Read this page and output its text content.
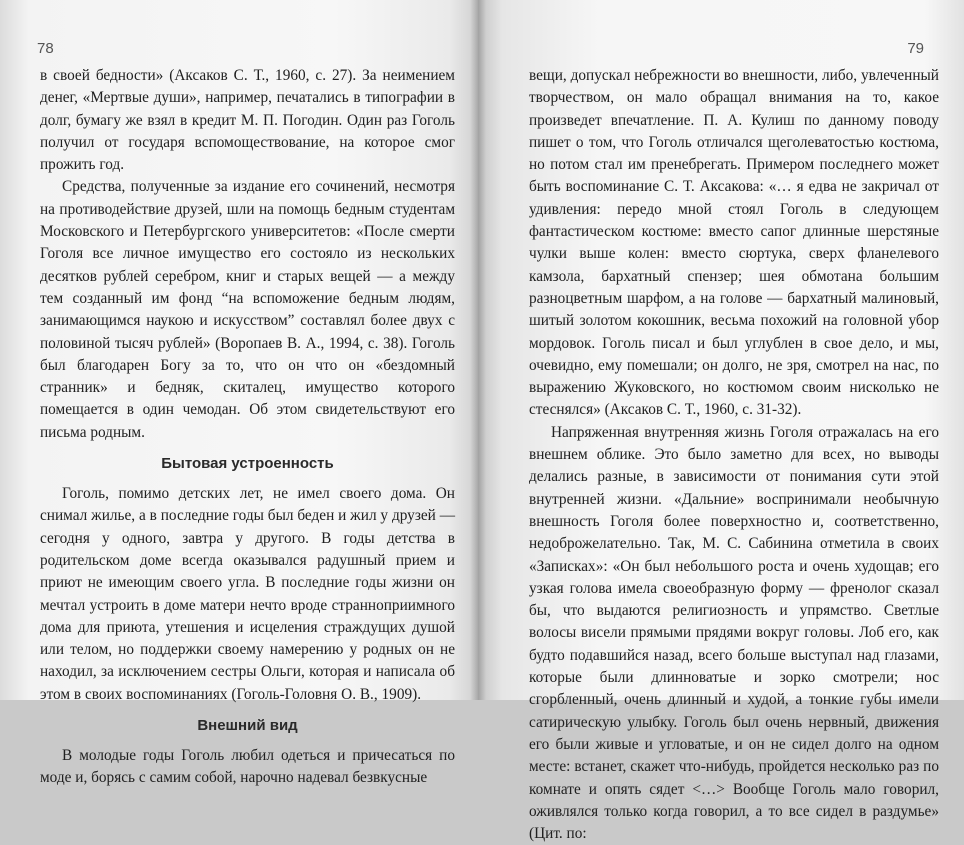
78

в своей бедности» (Аксаков С. Т., 1960, с. 27). За неимением денег, «Мертвые души», например, печатались в типографии в долг, бумагу же взял в кредит М. П. Погодин. Один раз Гоголь получил от государя вспомоществование, на которое смог прожить год.

Средства, полученные за издание его сочинений, несмотря на противодействие друзей, шли на помощь бедным студентам Московского и Петербургского университетов: «После смерти Гоголя все личное имущество его состояло из нескольких десятков рублей серебром, книг и старых вещей — а между тем созданный им фонд “на вспоможение бедным людям, занимающимся наукою и искусством” составлял более двух с половиной тысяч рублей» (Воропаев В. А., 1994, с. 38). Гоголь был благодарен Богу за то, что он что он «бездомный странник» и бедняк, скиталец, имущество которого помещается в один чемодан. Об этом свидетельствуют его письма родным.

Бытовая устроенность

Гоголь, помимо детских лет, не имел своего дома. Он снимал жилье, а в последние годы был беден и жил у друзей — сегодня у одного, завтра у другого. В годы детства в родительском доме всегда оказывался радушный прием и приют не имеющим своего угла. В последние годы жизни он мечтал устроить в доме матери нечто вроде странноприимного дома для приюта, утешения и исцеления страждущих душой или телом, но поддержки своему намерению у родных он не находил, за исключением сестры Ольги, которая и написала об этом в своих воспоминаниях (Гоголь-Головня О. В., 1909).

Внешний вид

В молодые годы Гоголь любил одеться и причесаться по моде и, борясь с самим собой, нарочно надевал безвкусные

79

вещи, допускал небрежности во внешности, либо, увлеченный творчеством, он мало обращал внимания на то, какое произведет впечатление. П. А. Кулиш по данному поводу пишет о том, что Гоголь отличался щеголеватостью костюма, но потом стал им пренебрегать. Примером последнего может быть воспоминание С. Т. Аксакова: «… я едва не закричал от удивления: передо мной стоял Гоголь в следующем фантастическом костюме: вместо сапог длинные шерстяные чулки выше колен: вместо сюртука, сверх фланелевого камзола, бархатный спензер; шея обмотана большим разноцветным шарфом, а на голове — бархатный малиновый, шитый золотом кокошник, весьма похожий на головной убор мордовок. Гоголь писал и был углублен в свое дело, и мы, очевидно, ему помешали; он долго, не зря, смотрел на нас, по выражению Жуковского, но костюмом своим нисколько не стеснялся» (Аксаков С. Т., 1960, с. 31-32).

Напряженная внутренняя жизнь Гоголя отражалась на его внешнем облике. Это было заметно для всех, но выводы делались разные, в зависимости от понимания сути этой внутренней жизни. «Дальние» воспринимали необычную внешность Гоголя более поверхностно и, соответственно, недоброжелательно. Так, М. С. Сабинина отметила в своих «Записках»: «Он был небольшого роста и очень худощав; его узкая голова имела своеобразную форму — френолог сказал бы, что выдаются религиозность и упрямство. Светлые волосы висели прямыми прядями вокруг головы. Лоб его, как будто подавшийся назад, всего больше выступал над глазами, которые были длинноватые и зорко смотрели; нос сгорбленный, очень длинный и худой, а тонкие губы имели сатирическую улыбку. Гоголь был очень нервный, движения его были живые и угловатые, и он не сидел долго на одном месте: встанет, скажет что-нибудь, пройдется несколько раз по комнате и опять сядет <…> Вообще Гоголь мало говорил, оживлялся только когда говорил, а то все сидел в раздумье» (Цит. по:
